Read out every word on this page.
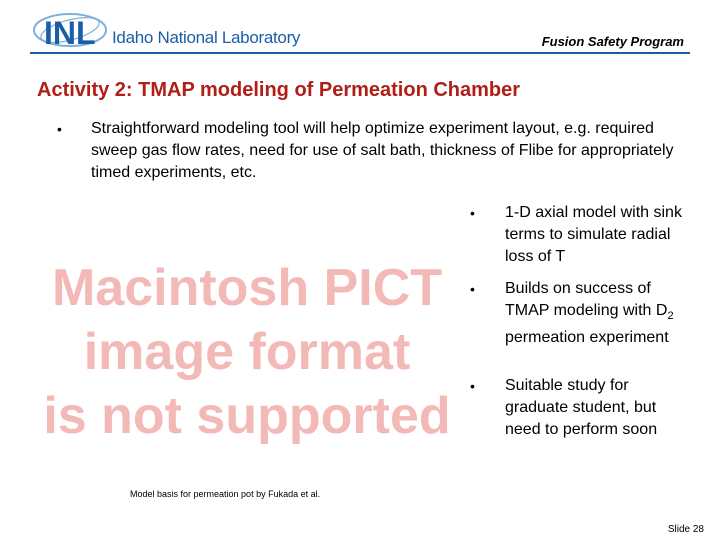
INL Idaho National Laboratory	Fusion Safety Program
Activity 2: TMAP modeling of Permeation Chamber
• Straightforward modeling tool will help optimize experiment layout, e.g. required sweep gas flow rates, need for use of salt bath, thickness of Flibe for appropriately timed experiments, etc.
Macintosh PICT
image format
is not supported
• 1-D axial model with sink terms to simulate radial loss of T
• Builds on success of TMAP modeling with $D_2$ permeation experiment
• Suitable study for graduate student, but need to perform soon
Model basis for permeation pot by Fukada et al.
Slide 28
